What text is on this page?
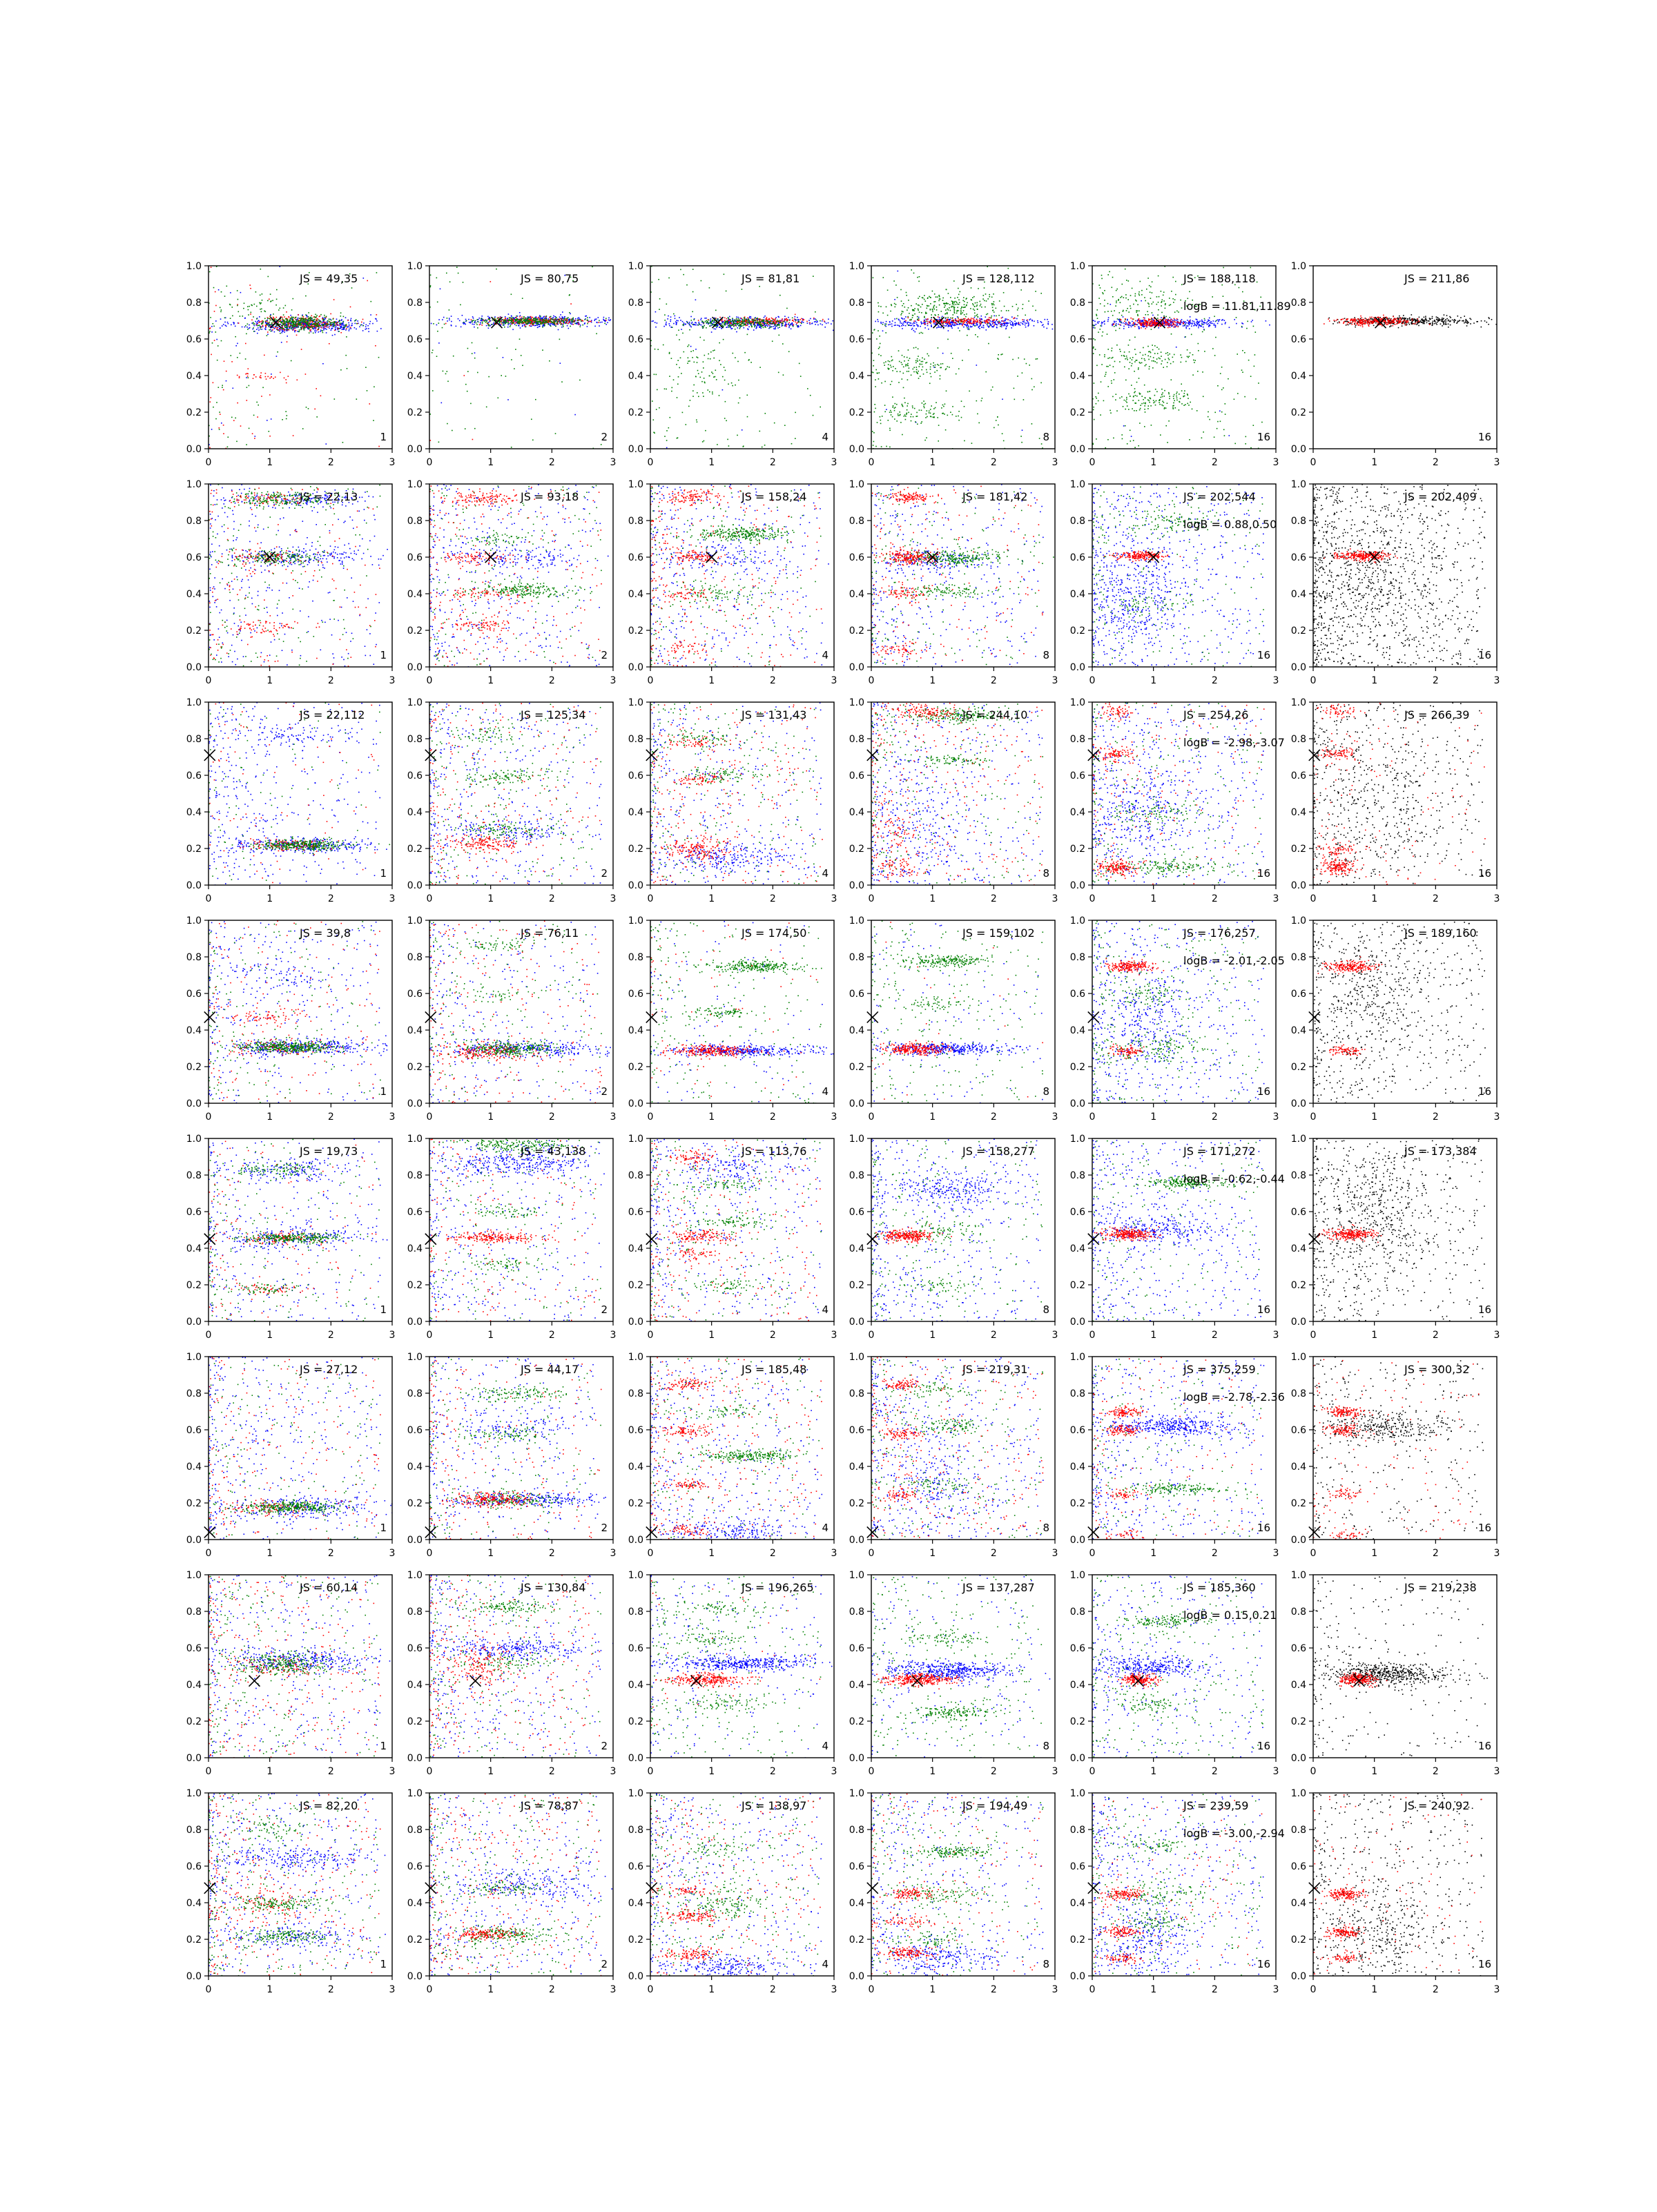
0	1	2	3
0.0
0.2
0.4
0.6
0.8
1.0
JS = 49,35
1
0	1	2	3
0.0
0.2
0.4
0.6
0.8
1.0
JS = 80,75
2
0	1	2	3
0.0
0.2
0.4
0.6
0.8
1.0
JS = 81,81
4
0	1	2	3
0.0
0.2
0.4
0.6
0.8
1.0
JS = 128,112
8
0	1	2	3
0.0
0.2
0.4
0.6
0.8
1.0
JS = 188,118
logB = 11.81,11.89
16
0	1	2	3
0.0
0.2
0.4
0.6
0.8
1.0
JS = 211,86
16
0	1	2	3
0.0
0.2
0.4
0.6
0.8
1.0
JS = 22,13
1
0	1	2	3
0.0
0.2
0.4
0.6
0.8
1.0
JS = 93,18
2
0	1	2	3
0.0
0.2
0.4
0.6
0.8
1.0
JS = 158,24
4
0	1	2	3
0.0
0.2
0.4
0.6
0.8
1.0
JS = 181,42
8
0	1	2	3
0.0
0.2
0.4
0.6
0.8
1.0
JS = 202,544
logB = 0.88,0.50
16
0	1	2	3
0.0
0.2
0.4
0.6
0.8
1.0
JS = 202,409
16
0	1	2	3
0.0
0.2
0.4
0.6
0.8
1.0
JS = 22,112
1
0	1	2	3
0.0
0.2
0.4
0.6
0.8
1.0
JS = 125,34
2
0	1	2	3
0.0
0.2
0.4
0.6
0.8
1.0
JS = 131,43
4
0	1	2	3
0.0
0.2
0.4
0.6
0.8
1.0
JS = 244,10
8
0	1	2	3
0.0
0.2
0.4
0.6
0.8
1.0
JS = 254,26
logB = -2.98,-3.07
16
0	1	2	3
0.0
0.2
0.4
0.6
0.8
1.0
JS = 266,39
16
0	1	2	3
0.0
0.2
0.4
0.6
0.8
1.0
JS = 39,8
1
0	1	2	3
0.0
0.2
0.4
0.6
0.8
1.0
JS = 76,11
2
0	1	2	3
0.0
0.2
0.4
0.6
0.8
1.0
JS = 174,50
4
0	1	2	3
0.0
0.2
0.4
0.6
0.8
1.0
JS = 159,102
8
0	1	2	3
0.0
0.2
0.4
0.6
0.8
1.0
JS = 176,257
logB = -2.01,-2.05
16
0	1	2	3
0.0
0.2
0.4
0.6
0.8
1.0
JS = 189,160
16
0	1	2	3
0.0
0.2
0.4
0.6
0.8
1.0
JS = 19,73
1
0	1	2	3
0.0
0.2
0.4
0.6
0.8
1.0
JS = 43,138
2
0	1	2	3
0.0
0.2
0.4
0.6
0.8
1.0
JS = 113,76
4
0	1	2	3
0.0
0.2
0.4
0.6
0.8
1.0
JS = 158,277
8
0	1	2	3
0.0
0.2
0.4
0.6
0.8
1.0
JS = 171,272
logB = -0.62,-0.44
16
0	1	2	3
0.0
0.2
0.4
0.6
0.8
1.0
JS = 173,384
16
0	1	2	3
0.0
0.2
0.4
0.6
0.8
1.0
JS = 27,12
1
0	1	2	3
0.0
0.2
0.4
0.6
0.8
1.0
JS = 44,17
2
0	1	2	3
0.0
0.2
0.4
0.6
0.8
1.0
JS = 185,48
4
0	1	2	3
0.0
0.2
0.4
0.6
0.8
1.0
JS = 219,31
8
0	1	2	3
0.0
0.2
0.4
0.6
0.8
1.0
JS = 375,259
logB = -2.78,-2.36
16
0	1	2	3
0.0
0.2
0.4
0.6
0.8
1.0
JS = 300,32
16
0	1	2	3
0.0
0.2
0.4
0.6
0.8
1.0
JS = 60,14
1
0	1	2	3
0.0
0.2
0.4
0.6
0.8
1.0
JS = 130,84
2
0	1	2	3
0.0
0.2
0.4
0.6
0.8
1.0
JS = 196,265
4
0	1	2	3
0.0
0.2
0.4
0.6
0.8
1.0
JS = 137,287
8
0	1	2	3
0.0
0.2
0.4
0.6
0.8
1.0
JS = 185,360
logB = 0.15,0.21
16
0	1	2	3
0.0
0.2
0.4
0.6
0.8
1.0
JS = 219,238
16
0	1	2	3
0.0
0.2
0.4
0.6
0.8
1.0
JS = 82,20
1
0	1	2	3
0.0
0.2
0.4
0.6
0.8
1.0
JS = 78,87
2
0	1	2	3
0.0
0.2
0.4
0.6
0.8
1.0
JS = 138,97
4
0	1	2	3
0.0
0.2
0.4
0.6
0.8
1.0
JS = 194,49
8
0	1	2	3
0.0
0.2
0.4
0.6
0.8
1.0
JS = 239,59
logB = -3.00,-2.94
16
0	1	2	3
0.0
0.2
0.4
0.6
0.8
1.0
JS = 240,92
16
